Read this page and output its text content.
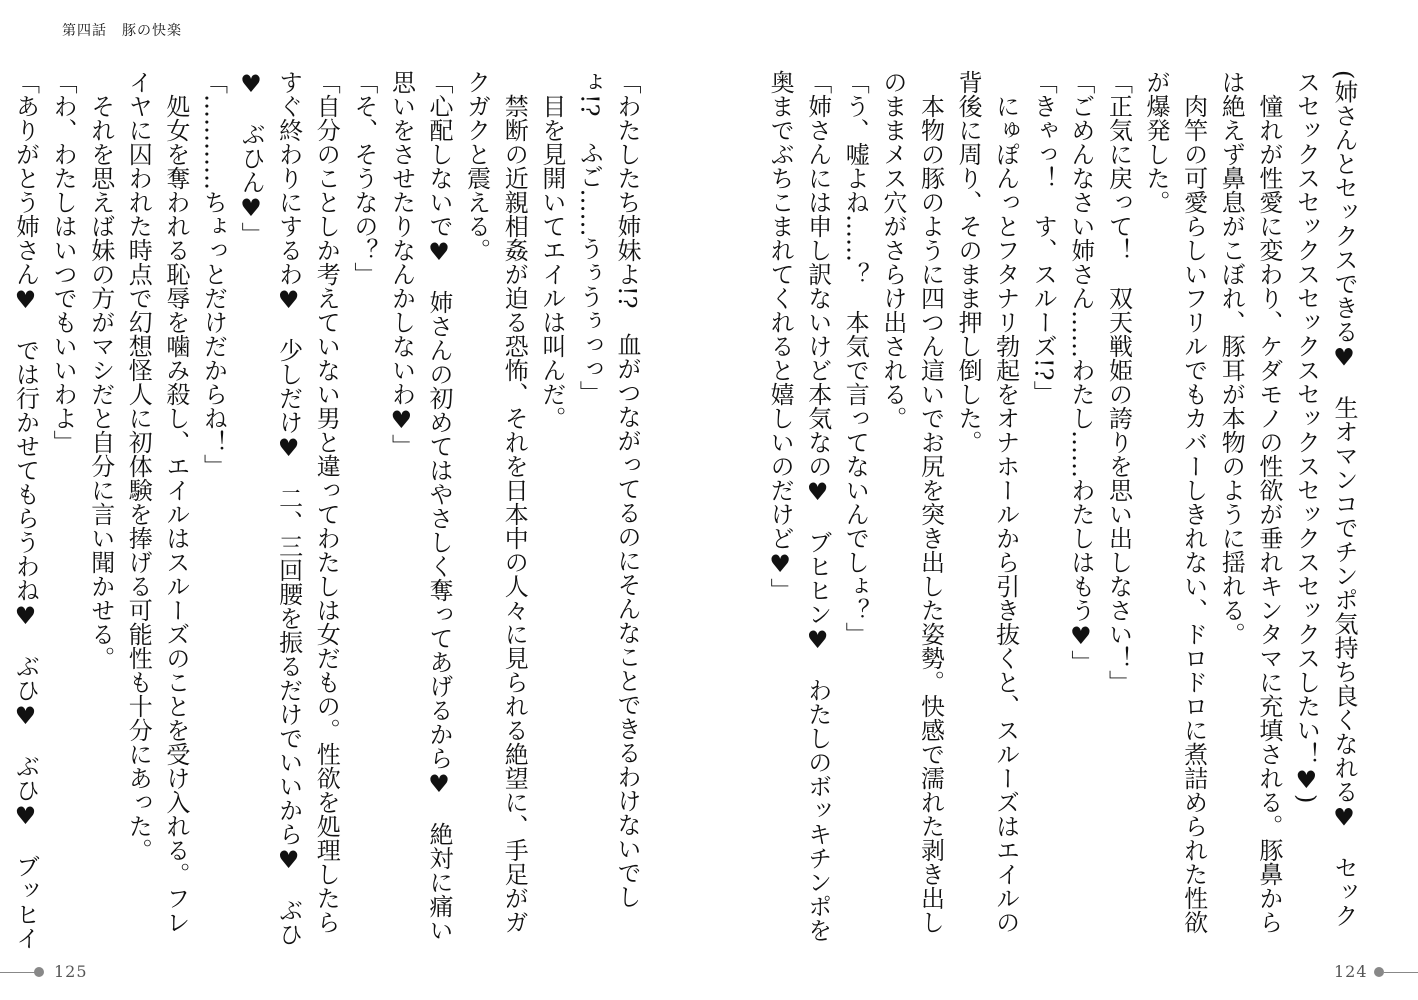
第四話　豚の快楽

(姉さんとセックスできる♥　生オマンコでチンポ気持ち良くなれる♥　セックスセックスセックスセックスセックスセックスセックスしたい！♥)

憧れが性愛に変わり、ケダモノの性欲が垂れキンタマに充填される。豚鼻からは絶えず鼻息がこぼれ、豚耳が本物のように揺れる。

肉竿の可愛らしいフリルでもカバーしきれない、ドロドロに煮詰められた性欲が爆発した。

「正気に戻って！　双天戦姫の誇りを思い出しなさい！」

「ごめんなさい姉さん……わたし……わたしはもう♥」

「きゃっ！　す、スルーズ!?」

にゅぽんっとフタナリ勃起をオナホールから引き抜くと、スルーズはエイルの背後に周り、そのまま押し倒した。

本物の豚のように四つん這いでお尻を突き出した姿勢。快感で濡れた剥き出しのままメス穴がさらけ出される。

「う、嘘よね……？　本気で言ってないんでしょ？」

「姉さんには申し訳ないけど本気なの♥　ブヒヒン♥　わたしのボッキチンポを奥までぶちこまれてくれると嬉しいのだけど♥」

「わたしたち姉妹よ!?　血がつながってるのにそんなことできるわけないでしょ!?　ふご……うぅうぅっっ」

目を見開いてエイルは叫んだ。

禁断の近親相姦が迫る恐怖、それを日本中の人々に見られる絶望に、手足がガクガクと震える。

「心配しないで♥　姉さんの初めてはやさしく奪ってあげるから♥　絶対に痛い思いをさせたりなんかしないわ♥」

「そ、そうなの？」

「自分のことしか考えていない男と違ってわたしは女だもの。性欲を処理したらすぐ終わりにするわ♥　少しだけ♥　二、三回腰を振るだけでいいから♥　ぶひ♥　ぶひん♥」

「…………ちょっとだけだからね！」

処女を奪われる恥辱を噛み殺し、エイルはスルーズのことを受け入れる。フレイヤに囚われた時点で幻想怪人に初体験を捧げる可能性も十分にあった。

それを思えば妹の方がマシだと自分に言い聞かせる。

「わ、わたしはいつでもいいわよ」

「ありがとう姉さん♥　では行かせてもらうわね♥　ぶひ♥　ぶひ♥　ブッヒイ

125	124
